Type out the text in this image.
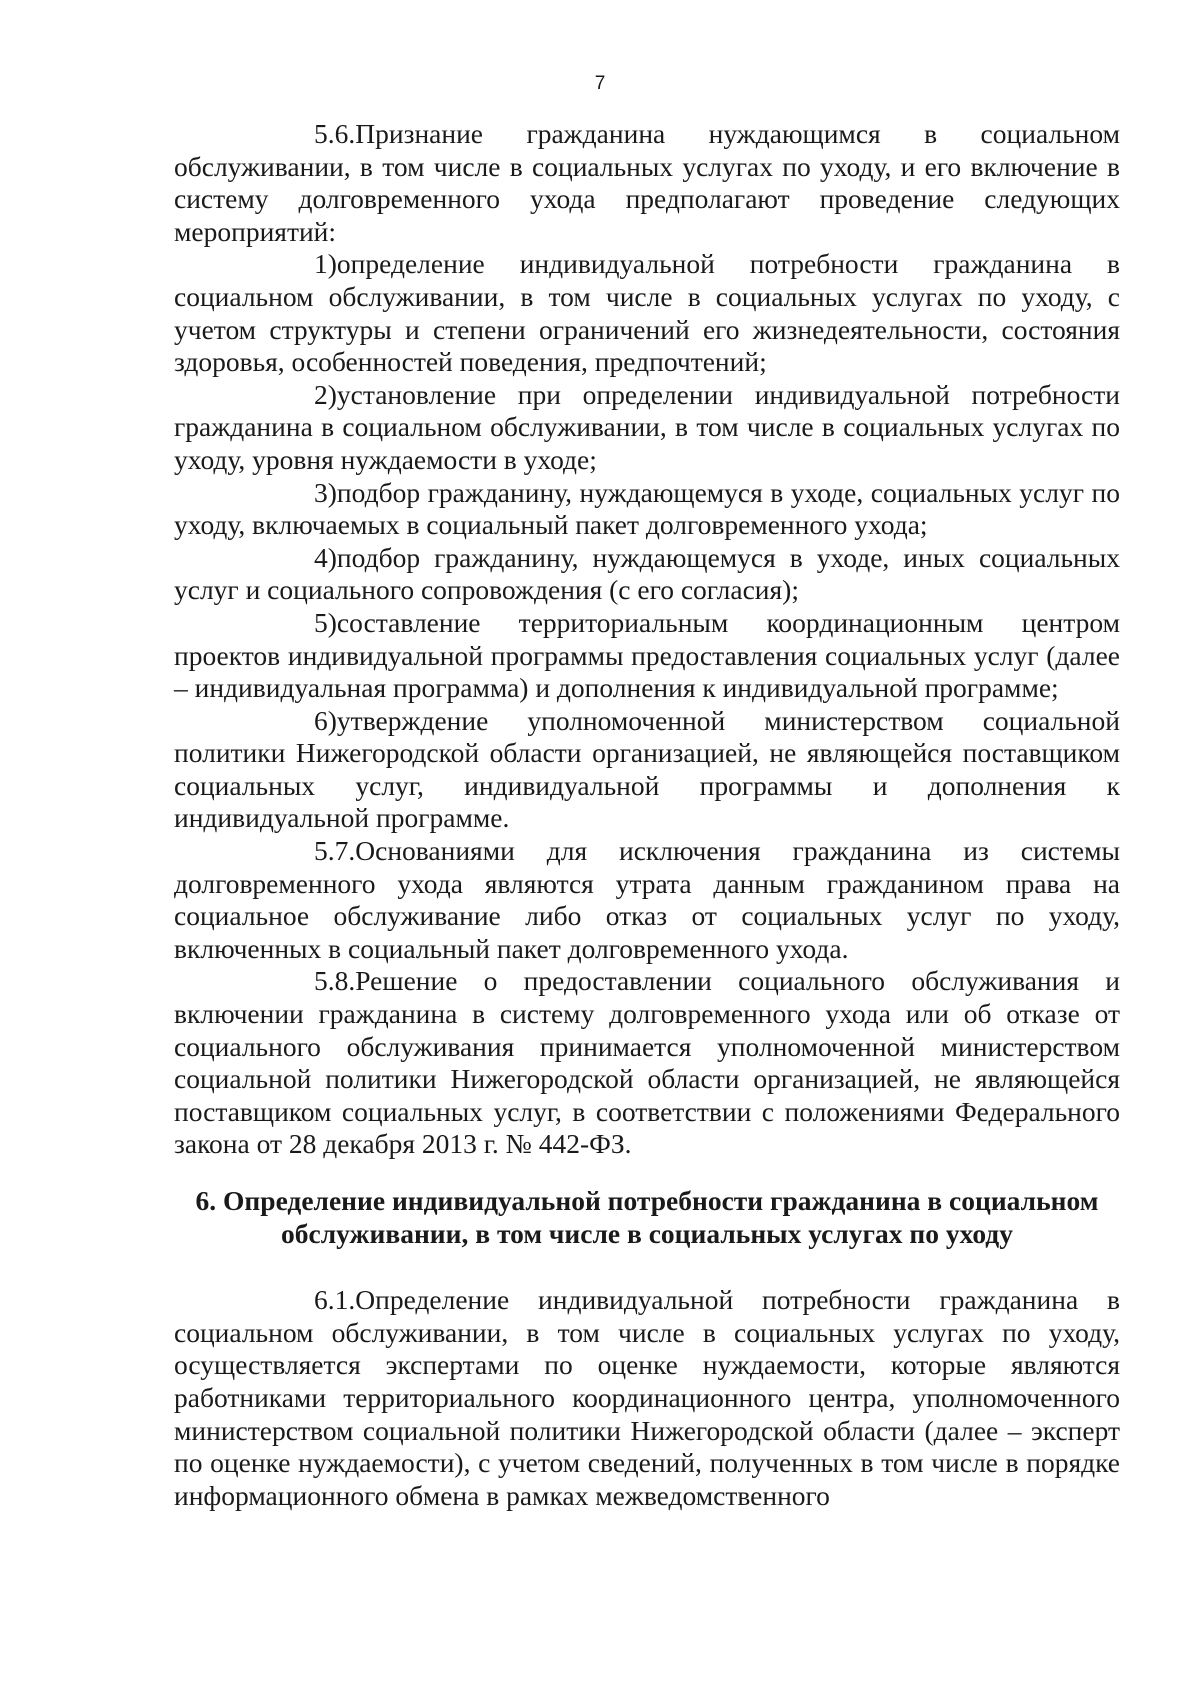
7

5.6.Признание гражданина нуждающимся в социальном обслуживании, в том числе в социальных услугах по уходу, и его включение в систему долговременного ухода предполагают проведение следующих мероприятий:

1)определение индивидуальной потребности гражданина в социальном обслуживании, в том числе в социальных услугах по уходу, с учетом структуры и степени ограничений его жизнедеятельности, состояния здоровья, особенностей поведения, предпочтений;

2)установление при определении индивидуальной потребности гражданина в социальном обслуживании, в том числе в социальных услугах по уходу, уровня нуждаемости в уходе;

3)подбор гражданину, нуждающемуся в уходе, социальных услуг по уходу, включаемых в социальный пакет долговременного ухода;

4)подбор гражданину, нуждающемуся в уходе, иных социальных услуг и социального сопровождения (с его согласия);

5)составление территориальным координационным центром проектов индивидуальной программы предоставления социальных услуг (далее – индивидуальная программа) и дополнения к индивидуальной программе;

6)утверждение уполномоченной министерством социальной политики Нижегородской области организацией, не являющейся поставщиком социальных услуг, индивидуальной программы и дополнения к индивидуальной программе.

5.7.Основаниями для исключения гражданина из системы долговременного ухода являются утрата данным гражданином права на социальное обслуживание либо отказ от социальных услуг по уходу, включенных в социальный пакет долговременного ухода.

5.8.Решение о предоставлении социального обслуживания и включении гражданина в систему долговременного ухода или об отказе от социального обслуживания принимается уполномоченной министерством социальной политики Нижегородской области организацией, не являющейся поставщиком социальных услуг, в соответствии с положениями Федерального закона от 28 декабря 2013 г. № 442-ФЗ.

6. Определение индивидуальной потребности гражданина в социальном
обслуживании, в том числе в социальных услугах по уходу

6.1.Определение индивидуальной потребности гражданина в социальном обслуживании, в том числе в социальных услугах по уходу, осуществляется экспертами по оценке нуждаемости, которые являются работниками территориального координационного центра, уполномоченного министерством социальной политики Нижегородской области (далее – эксперт по оценке нуждаемости), с учетом сведений, полученных в том числе в порядке информационного обмена в рамках межведомственного
